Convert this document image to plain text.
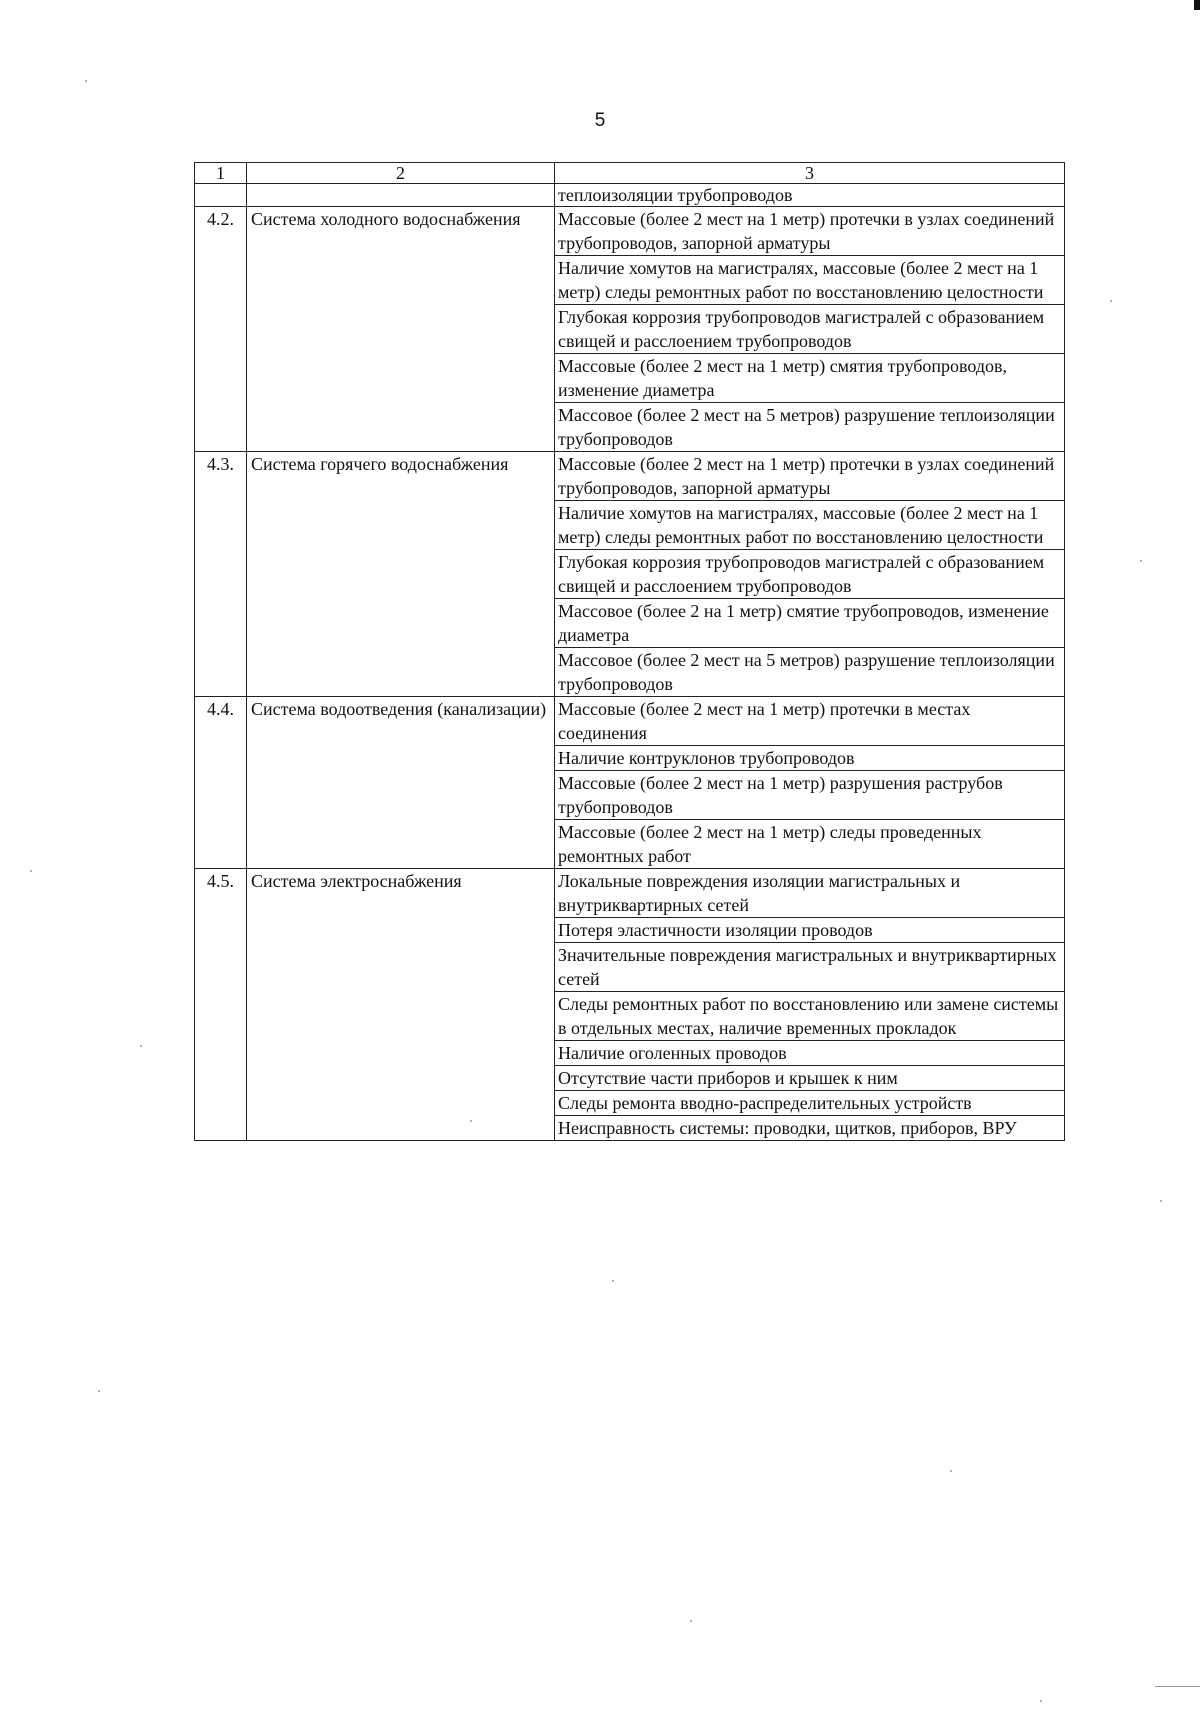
5
1	2	3
		теплоизоляции трубопроводов
4.2.	Система холодного водоснабжения	Массовые (более 2 мест на 1 метр) протечки в узлах соединений трубопроводов, запорной арматуры
		Наличие хомутов на магистралях, массовые (более 2 мест на 1 метр) следы ремонтных работ по восстановлению целостности
		Глубокая коррозия трубопроводов магистралей с образованием свищей и расслоением трубопроводов
		Массовые (более 2 мест на 1 метр) смятия трубопроводов, изменение диаметра
		Массовое (более 2 мест на 5 метров) разрушение теплоизоляции трубопроводов
4.3.	Система горячего водоснабжения	Массовые (более 2 мест на 1 метр) протечки в узлах соединений трубопроводов, запорной арматуры
		Наличие хомутов на магистралях, массовые (более 2 мест на 1 метр) следы ремонтных работ по восстановлению целостности
		Глубокая коррозия трубопроводов магистралей с образованием свищей и расслоением трубопроводов
		Массовое (более 2 на 1 метр) смятие трубопроводов, изменение диаметра
		Массовое (более 2 мест на 5 метров) разрушение теплоизоляции трубопроводов
4.4.	Система водоотведения (канализации)	Массовые (более 2 мест на 1 метр) протечки в местах соединения
		Наличие контруклонов трубопроводов
		Массовые (более 2 мест на 1 метр) разрушения раструбов трубопроводов
		Массовые (более 2 мест на 1 метр) следы проведенных ремонтных работ
4.5.	Система электроснабжения	Локальные повреждения изоляции магистральных и внутриквартирных сетей
		Потеря эластичности изоляции проводов
		Значительные повреждения магистральных и внутриквартирных сетей
		Следы ремонтных работ по восстановлению или замене системы в отдельных местах, наличие временных прокладок
		Наличие оголенных проводов
		Отсутствие части приборов и крышек к ним
		Следы ремонта вводно-распределительных устройств
		Неисправность системы: проводки, щитков, приборов, ВРУ
